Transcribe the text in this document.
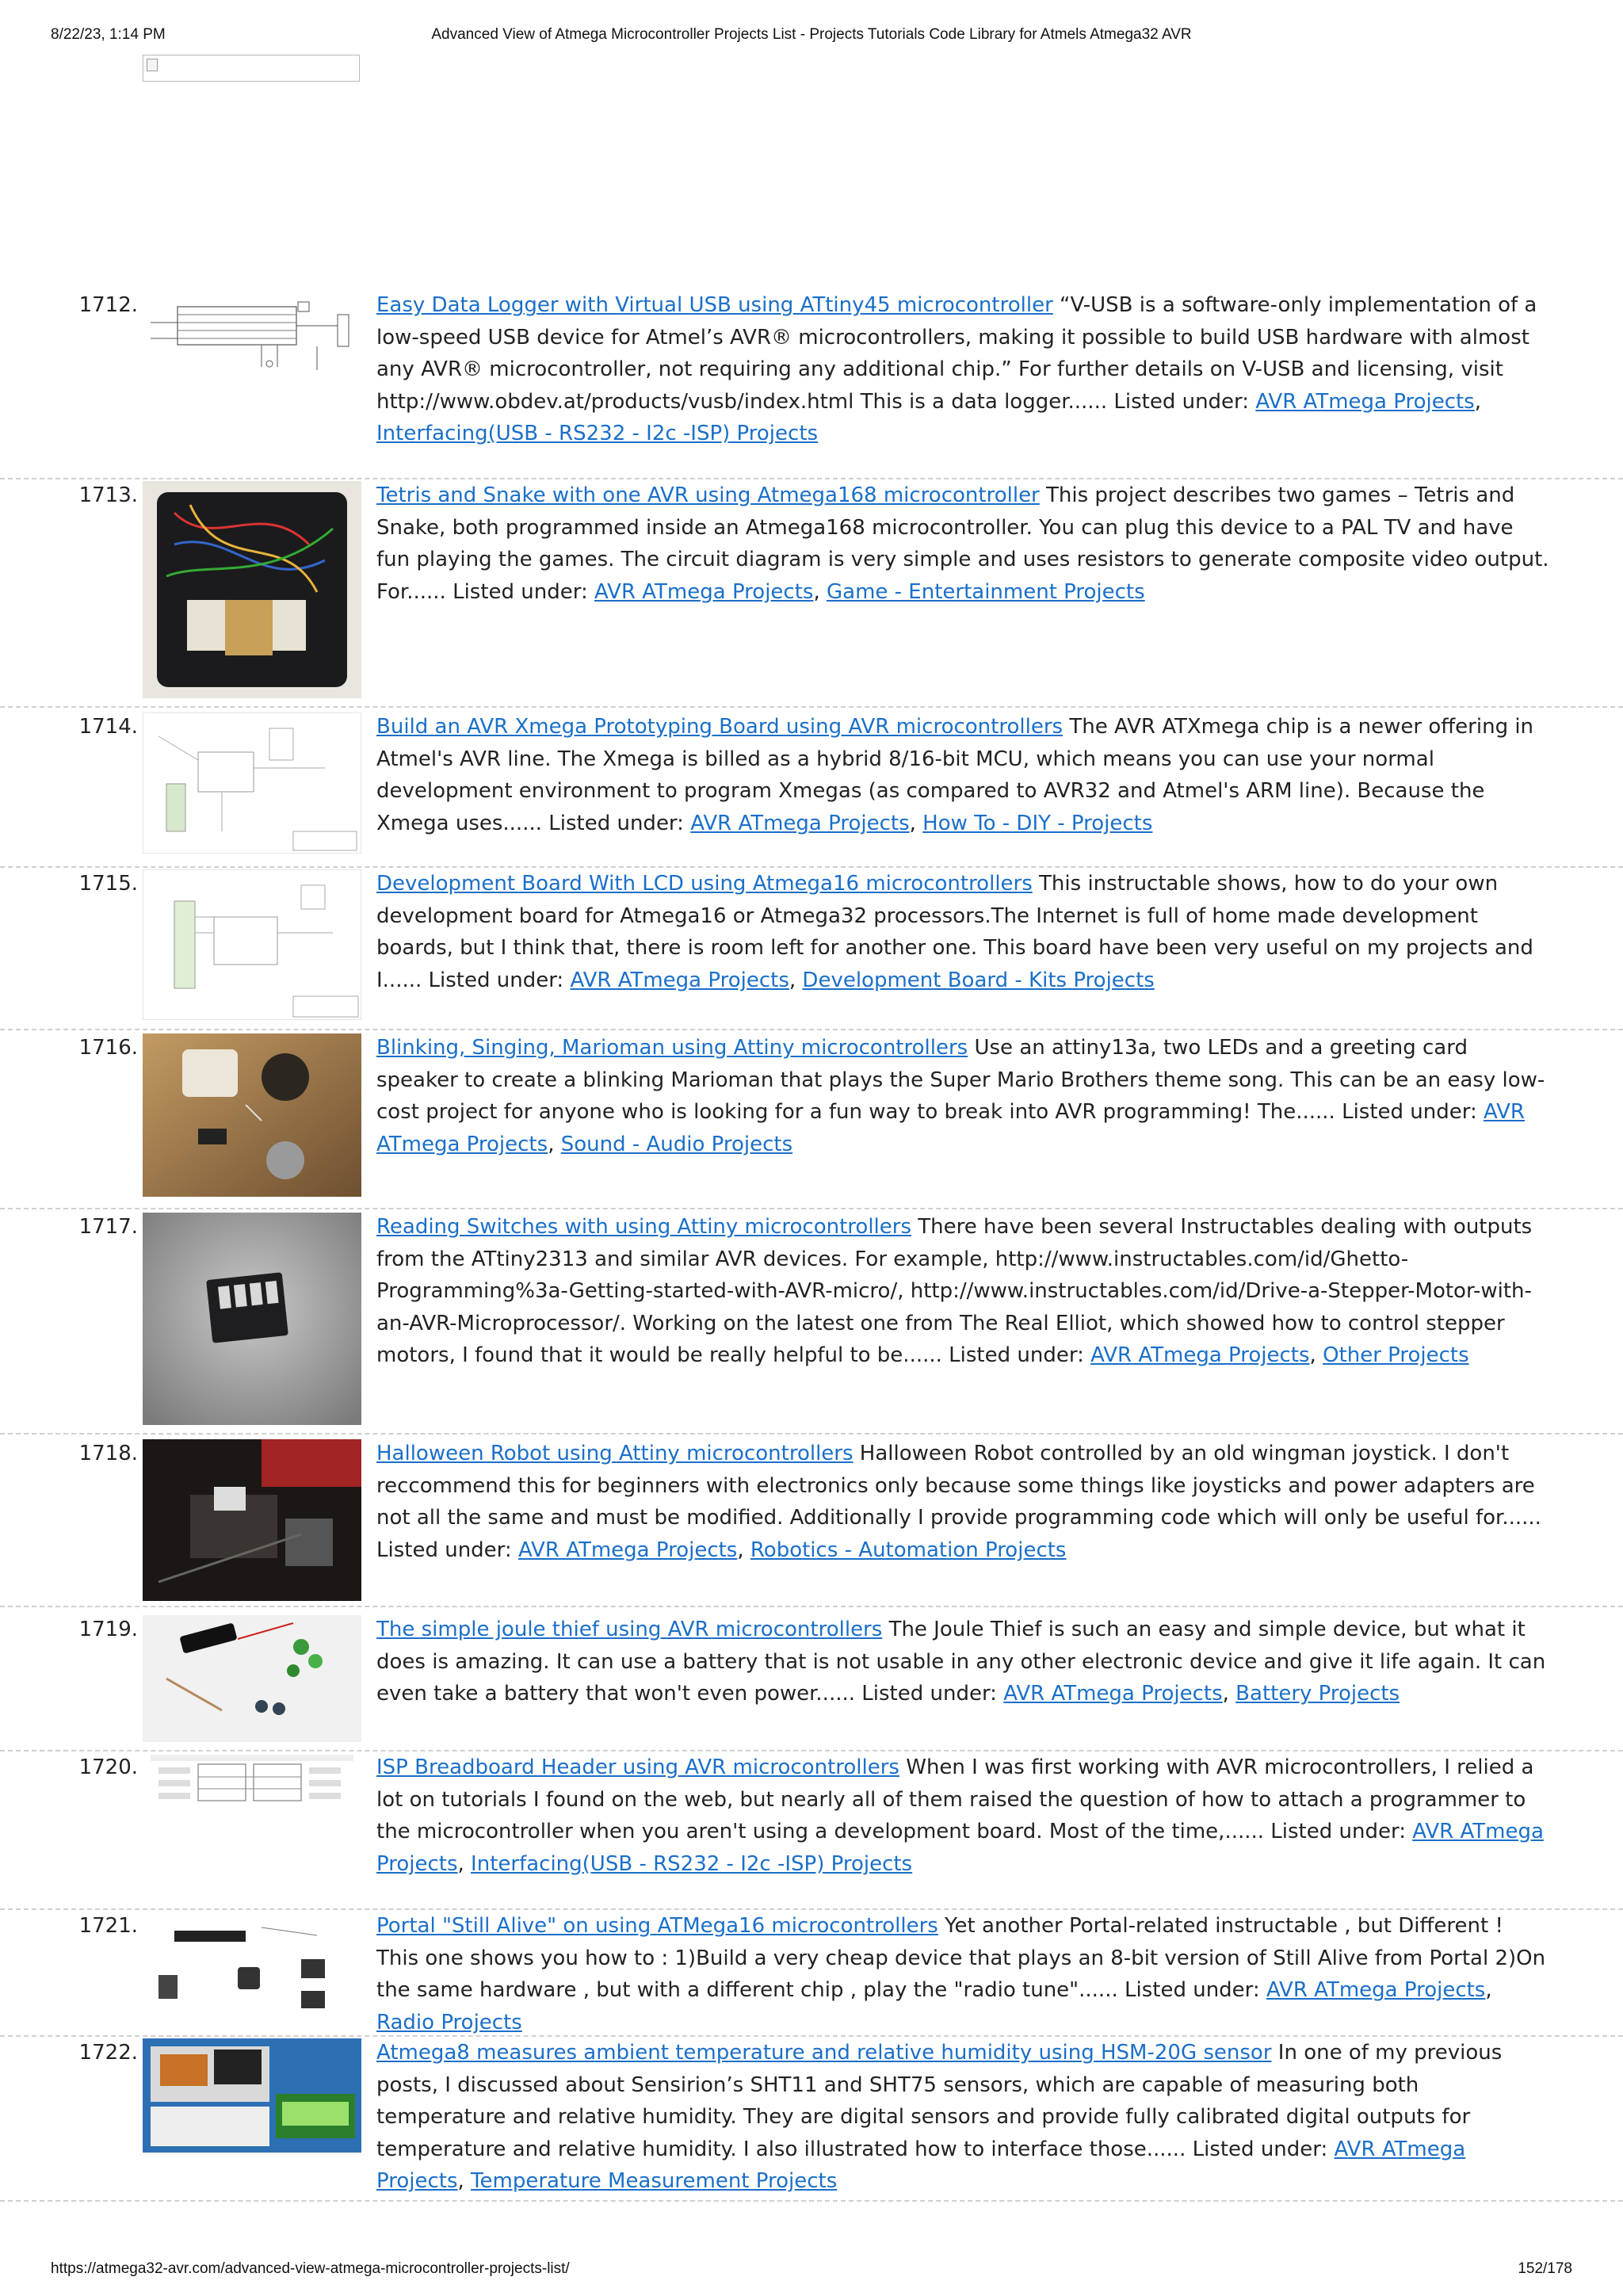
8/22/23, 1:14 PM	Advanced View of Atmega Microcontroller Projects List - Projects Tutorials Code Library for Atmels Atmega32 AVR
1712.	Easy Data Logger with Virtual USB using ATtiny45 microcontroller “V-USB is a software-only implementation of a low-speed USB device for Atmel’s AVR® microcontrollers, making it possible to build USB hardware with almost any AVR® microcontroller, not requiring any additional chip.” For further details on V-USB and licensing, visit http://www.obdev.at/products/vusb/index.html This is a data logger...... Listed under: AVR ATmega Projects, Interfacing(USB - RS232 - I2c -ISP) Projects
1713.	Tetris and Snake with one AVR using Atmega168 microcontroller This project describes two games – Tetris and Snake, both programmed inside an Atmega168 microcontroller. You can plug this device to a PAL TV and have fun playing the games. The circuit diagram is very simple and uses resistors to generate composite video output. For...... Listed under: AVR ATmega Projects, Game - Entertainment Projects
1714.	Build an AVR Xmega Prototyping Board using AVR microcontrollers The AVR ATXmega chip is a newer offering in Atmel's AVR line. The Xmega is billed as a hybrid 8/16-bit MCU, which means you can use your normal development environment to program Xmegas (as compared to AVR32 and Atmel's ARM line). Because the Xmega uses...... Listed under: AVR ATmega Projects, How To - DIY - Projects
1715.	Development Board With LCD using Atmega16 microcontrollers This instructable shows, how to do your own development board for Atmega16 or Atmega32 processors.The Internet is full of home made development boards, but I think that, there is room left for another one. This board have been very useful on my projects and I...... Listed under: AVR ATmega Projects, Development Board - Kits Projects
1716.	Blinking, Singing, Marioman using Attiny microcontrollers Use an attiny13a, two LEDs and a greeting card speaker to create a blinking Marioman that plays the Super Mario Brothers theme song. This can be an easy low-cost project for anyone who is looking for a fun way to break into AVR programming! The...... Listed under: AVR ATmega Projects, Sound - Audio Projects
1717.	Reading Switches with using Attiny microcontrollers There have been several Instructables dealing with outputs from the ATtiny2313 and similar AVR devices. For example, http://www.instructables.com/id/Ghetto-Programming%3a-Getting-started-with-AVR-micro/, http://www.instructables.com/id/Drive-a-Stepper-Motor-with-an-AVR-Microprocessor/. Working on the latest one from The Real Elliot, which showed how to control stepper motors, I found that it would be really helpful to be...... Listed under: AVR ATmega Projects, Other Projects
1718.	Halloween Robot using Attiny microcontrollers Halloween Robot controlled by an old wingman joystick. I don't reccommend this for beginners with electronics only because some things like joysticks and power adapters are not all the same and must be modified. Additionally I provide programming code which will only be useful for...... Listed under: AVR ATmega Projects, Robotics - Automation Projects
1719.	The simple joule thief using AVR microcontrollers The Joule Thief is such an easy and simple device, but what it does is amazing. It can use a battery that is not usable in any other electronic device and give it life again. It can even take a battery that won't even power...... Listed under: AVR ATmega Projects, Battery Projects
1720.	ISP Breadboard Header using AVR microcontrollers When I was first working with AVR microcontrollers, I relied a lot on tutorials I found on the web, but nearly all of them raised the question of how to attach a programmer to the microcontroller when you aren't using a development board. Most of the time,...... Listed under: AVR ATmega Projects, Interfacing(USB - RS232 - I2c -ISP) Projects
1721.	Portal "Still Alive" on using ATMega16 microcontrollers Yet another Portal-related instructable , but Different ! This one shows you how to : 1)Build a very cheap device that plays an 8-bit version of Still Alive from Portal 2)On the same hardware , but with a different chip , play the "radio tune"...... Listed under: AVR ATmega Projects, Radio Projects
1722.	Atmega8 measures ambient temperature and relative humidity using HSM-20G sensor In one of my previous posts, I discussed about Sensirion’s SHT11 and SHT75 sensors, which are capable of measuring both temperature and relative humidity. They are digital sensors and provide fully calibrated digital outputs for temperature and relative humidity. I also illustrated how to interface those...... Listed under: AVR ATmega Projects, Temperature Measurement Projects
https://atmega32-avr.com/advanced-view-atmega-microcontroller-projects-list/	152/178
